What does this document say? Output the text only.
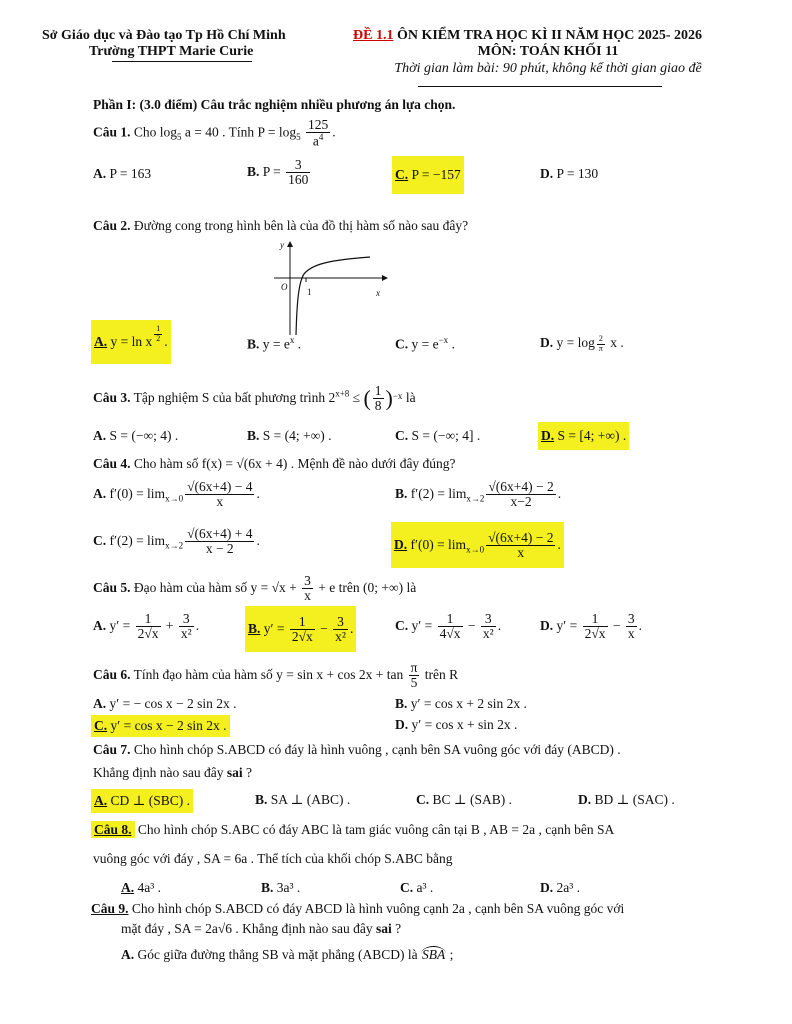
Sở Giáo dục và Đào tạo Tp Hồ Chí Minh
Trường THPT Marie Curie
ĐỀ 1.1 ÔN KIỂM TRA HỌC KÌ II NĂM HỌC 2025- 2026
MÔN: TOÁN KHỐI 11
Thời gian làm bài: 90 phút, không kể thời gian giao đề
Phần I: (3.0 điểm) Câu trắc nghiệm nhiều phương án lựa chọn.
Câu 1. Cho $\log_5 a = 40$ . Tính $P = \log_5 \frac{125}{a^4}$ .
A. P = 163	B. $P = \frac{3}{160}$	C. P = −157	D. P = 130
Câu 2. Đường cong trong hình bên là của đồ thị hàm số nào sau đây?
y
x
O 1
A. y = ln x $\frac{1}{2}$ .	B. $y = e^x$ .	C. $y = e^{-x}$ .	D. $y = \log \frac{2}{\pi}$ x .
Câu 3. Tập nghiệm S của bất phương trình $2^{x+8}$ ≤ ( $\frac{1}{8} )^{-x}$ là
A. S = (−∞; 4) .	B. S = (4; +∞) .	C. S = (−∞; 4] .	D. S = [4; +∞) .
Câu 4. Cho hàm số f(x) = √(6x + 4) . Mệnh đề nào dưới đây đúng?
A. $f'(0) = \lim_{x\to 0} \frac{√(6x+4) - 4}{x}$ .	B. $f'(2) = \lim_{x\to 2} \frac{√(6x+4) - 2}{x-2}$ .
C. $f'(2) = \lim_{x\to 2} \frac{√(6x+4) + 4}{x - 2}$ .	D. $f'(0) = \lim_{x\to 0} \frac{√(6x+4) - 2}{x}$ .
Câu 5. Đạo hàm của hàm số $y = √x + \frac{3}{x} + e$ trên (0; +∞) là
A. $y' = \frac{1}{2√x} + \frac{3}{\text{x²}}$ .	B. $y' = \frac{1}{2√x} - \frac{3}{\text{x²}}$ .	C. $y' = \frac{1}{4√x} - \frac{3}{\text{x²}}$ .	D. $y' = \frac{1}{2√x} - \frac{3}{x}$ .
Câu 6. Tính đạo hàm của hàm số $y = \sin x + \cos 2x + \tan \frac{\pi}{5}$ trên R
A. y′ = − cos x − 2 sin 2x .	B. y′ = cos x + 2 sin 2x .
C. y′ = cos x − 2 sin 2x .	D. y′ = cos x + sin 2x .
Câu 7. Cho hình chóp S.ABCD có đáy là hình vuông , cạnh bên SA vuông góc với đáy (ABCD) .
Khẳng định nào sau đây sai ?
A. CD ⊥ (SBC) .	B. SA ⊥ (ABC) .	C. BC ⊥ (SAB) .	D. BD ⊥ (SAC) .
Câu 8. Cho hình chóp S.ABC có đáy ABC là tam giác vuông cân tại B , AB = 2a , cạnh bên SA
vuông góc với đáy , SA = 6a . Thể tích của khối chóp S.ABC bằng
A. 4a³ .	B. 3a³ .	C. a³ .	D. 2a³ .
Câu 9. Cho hình chóp S.ABCD có đáy ABCD là hình vuông cạnh 2a , cạnh bên SA vuông góc với
mặt đáy , SA = 2a√6 . Khẳng định nào sau đây sai ?
A. Góc giữa đường thẳng SB và mặt phẳng (ABCD) là SBA ;
